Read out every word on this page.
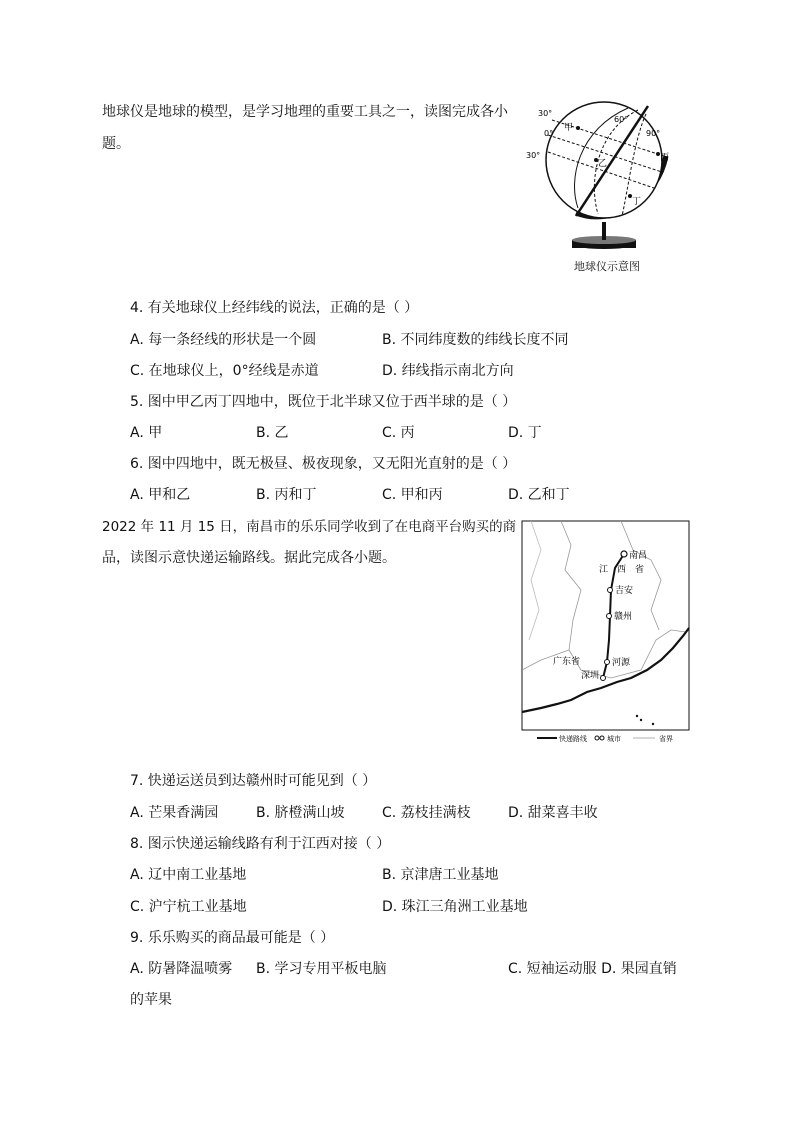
地球仪是地球的模型，是学习地理的重要工具之一，读图完成各小
题。
30°
0°
甲
60°
90°
丙
30°
乙
丁
地球仪示意图
4. 有关地球仪上经纬线的说法，正确的是（ ）
A. 每一条经线的形状是一个圆	B. 不同纬度数的纬线长度不同
C. 在地球仪上，0°经线是赤道	D. 纬线指示南北方向
5. 图中甲乙丙丁四地中，既位于北半球又位于西半球的是（ ）
A. 甲	B. 乙	C. 丙	D. 丁
6. 图中四地中，既无极昼、极夜现象，又无阳光直射的是（ ）
A. 甲和乙	B. 丙和丁	C. 甲和丙	D. 乙和丁
2022 年 11 月 15 日，南昌市的乐乐同学收到了在电商平台购买的商
品，读图示意快递运输路线。据此完成各小题。	南昌
江 西 省
吉安
赣州
广东省	河源
深圳
快递路线	城市	省界
7. 快递运送员到达赣州时可能见到（ ）
A. 芒果香满园	B. 脐橙满山坡	C. 荔枝挂满枝	D. 甜菜喜丰收
8. 图示快递运输线路有利于江西对接（ ）
A. 辽中南工业基地	B. 京津唐工业基地
C. 沪宁杭工业基地	D. 珠江三角洲工业基地
9. 乐乐购买的商品最可能是（ ）
A. 防暑降温喷雾 B. 学习专用平板电脑	C. 短袖运动服 D. 果园直销
的苹果
